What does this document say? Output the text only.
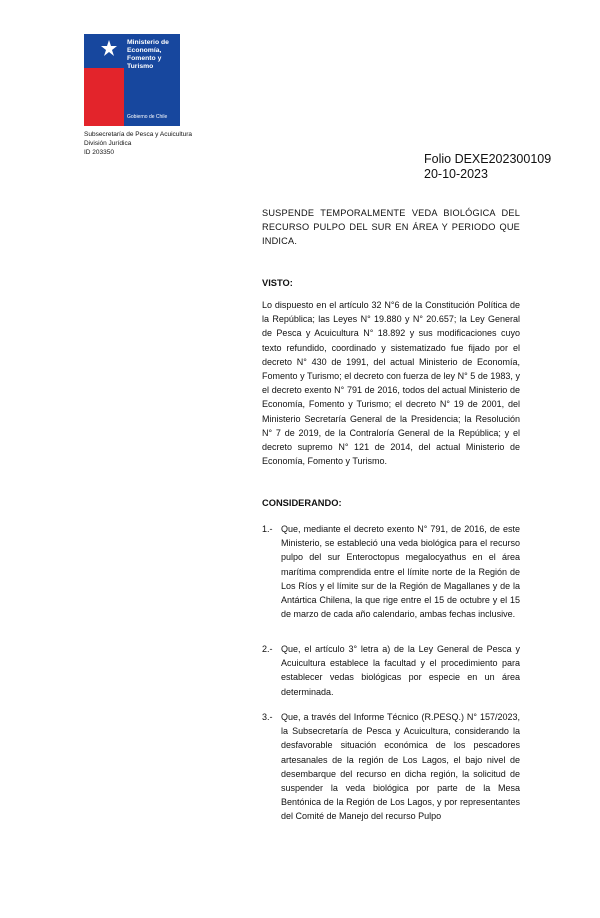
Ministerio de Economía, Fomento y Turismo
Gobierno de Chile
Subsecretaría de Pesca y Acuicultura
División Jurídica
ID 203350	Folio DEXE202300109
20-10-2023
SUSPENDE TEMPORALMENTE VEDA BIOLÓGICA DEL RECURSO PULPO DEL SUR EN ÁREA Y PERIODO QUE INDICA.
VISTO:
Lo dispuesto en el artículo 32 N°6 de la Constitución Política de la República; las Leyes N° 19.880 y N° 20.657; la Ley General de Pesca y Acuicultura N° 18.892 y sus modificaciones cuyo texto refundido, coordinado y sistematizado fue fijado por el decreto N° 430 de 1991, del actual Ministerio de Economía, Fomento y Turismo; el decreto con fuerza de ley N° 5 de 1983, y el decreto exento N° 791 de 2016, todos del actual Ministerio de Economía, Fomento y Turismo; el decreto N° 19 de 2001, del Ministerio Secretaría General de la Presidencia; la Resolución N° 7 de 2019, de la Contraloría General de la República; y el decreto supremo N° 121 de 2014, del actual Ministerio de Economía, Fomento y Turismo.
CONSIDERANDO:
1.- Que, mediante el decreto exento N° 791, de 2016, de este Ministerio, se estableció una veda biológica para el recurso pulpo del sur Enteroctopus megalocyathus en el área marítima comprendida entre el límite norte de la Región de Los Ríos y el límite sur de la Región de Magallanes y de la Antártica Chilena, la que rige entre el 15 de octubre y el 15 de marzo de cada año calendario, ambas fechas inclusive.
2.- Que, el artículo 3° letra a) de la Ley General de Pesca y Acuicultura establece la facultad y el procedimiento para establecer vedas biológicas por especie en un área determinada.
3.- Que, a través del Informe Técnico (R.PESQ.) N° 157/2023, la Subsecretaría de Pesca y Acuicultura, considerando la desfavorable situación económica de los pescadores artesanales de la región de Los Lagos, el bajo nivel de desembarque del recurso en dicha región, la solicitud de suspender la veda biológica por parte de la Mesa Bentónica de la Región de Los Lagos, y por representantes del Comité de Manejo del recurso Pulpo
